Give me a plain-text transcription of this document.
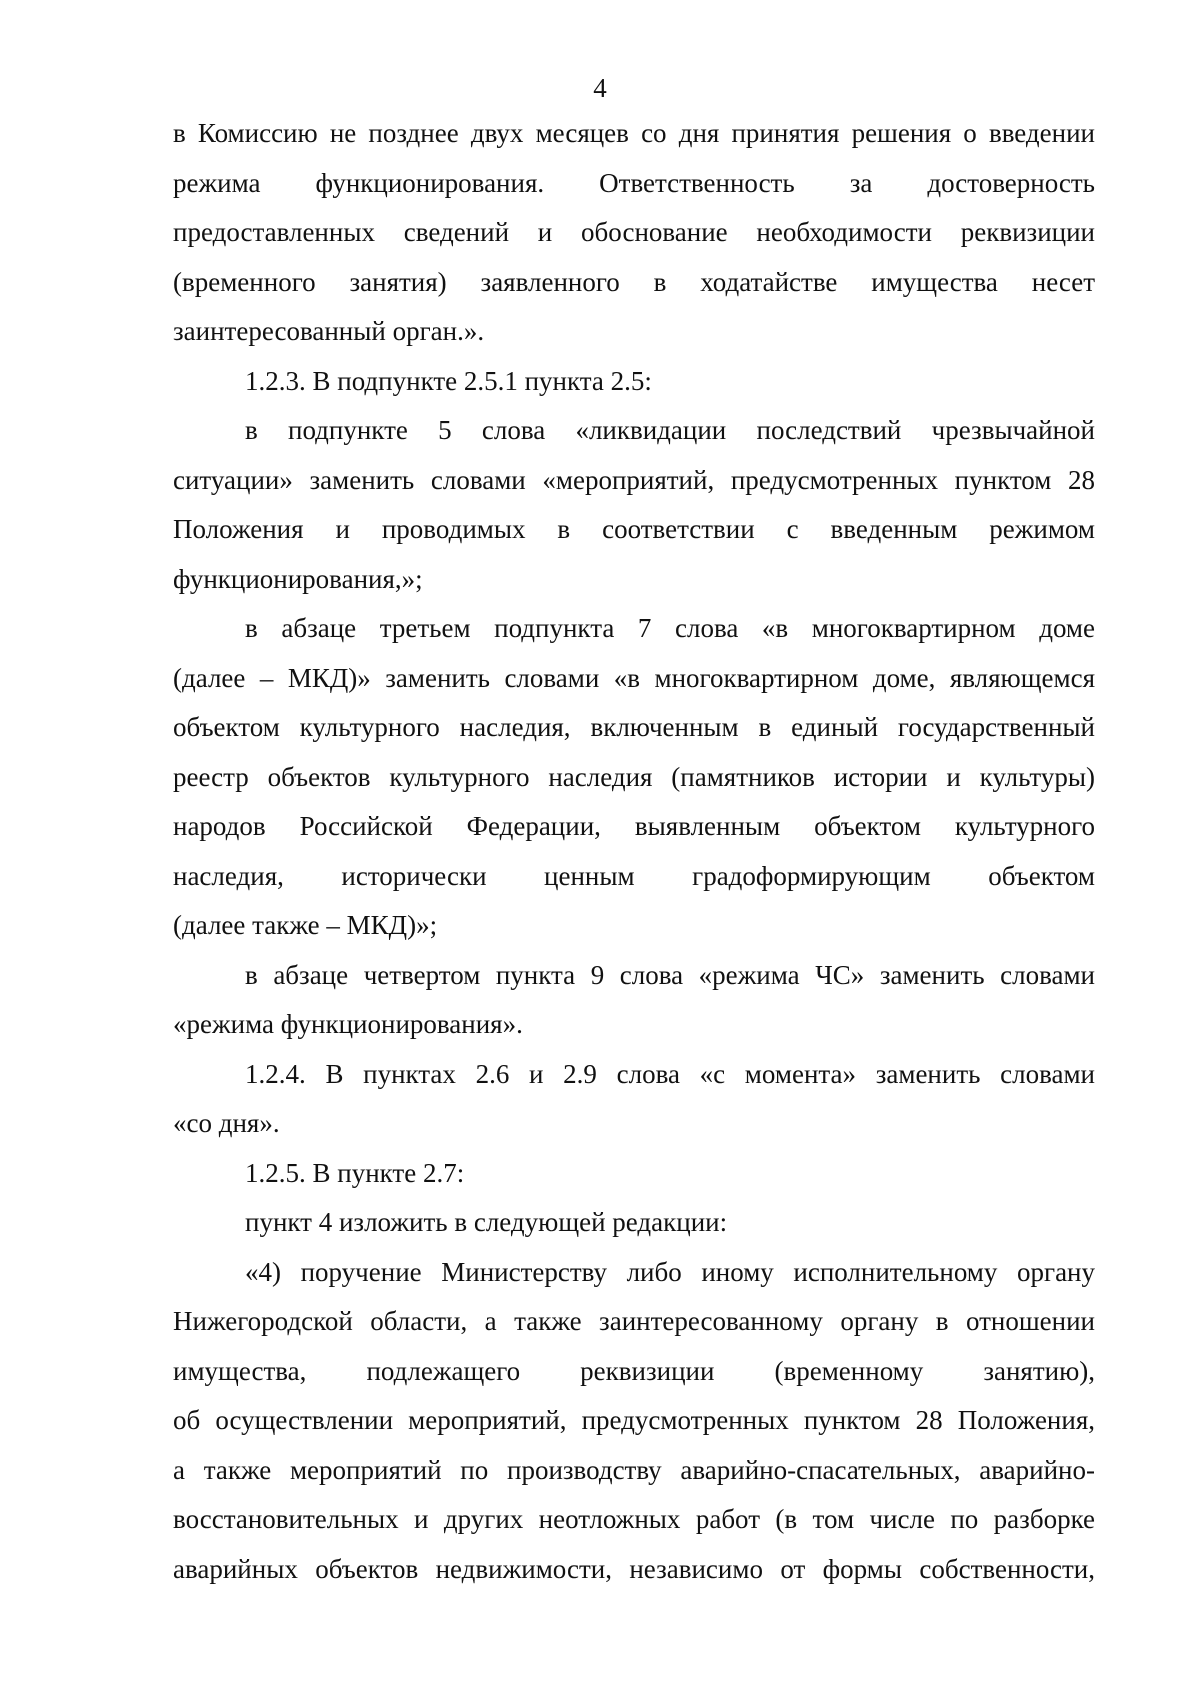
4
в Комиссию не позднее двух месяцев со дня принятия решения о введении
режима функционирования. Ответственность за достоверность
предоставленных сведений и обоснование необходимости реквизиции
(временного занятия) заявленного в ходатайстве имущества несет
заинтересованный орган.».
1.2.3. В подпункте 2.5.1 пункта 2.5:
в подпункте 5 слова «ликвидации последствий чрезвычайной
ситуации» заменить словами «мероприятий, предусмотренных пунктом 28
Положения и проводимых в соответствии с введенным режимом
функционирования,»;
в абзаце третьем подпункта 7 слова «в многоквартирном доме
(далее – МКД)» заменить словами «в многоквартирном доме, являющемся
объектом культурного наследия, включенным в единый государственный
реестр объектов культурного наследия (памятников истории и культуры)
народов Российской Федерации, выявленным объектом культурного
наследия, исторически ценным градоформирующим объектом
(далее также – МКД)»;
в абзаце четвертом пункта 9 слова «режима ЧС» заменить словами
«режима функционирования».
1.2.4. В пунктах 2.6 и 2.9 слова «с момента» заменить словами
«со дня».
1.2.5. В пункте 2.7:
пункт 4 изложить в следующей редакции:
«4) поручение Министерству либо иному исполнительному органу
Нижегородской области, а также заинтересованному органу в отношении
имущества, подлежащего реквизиции (временному занятию),
об осуществлении мероприятий, предусмотренных пунктом 28 Положения,
а также мероприятий по производству аварийно-спасательных, аварийно-
восстановительных и других неотложных работ (в том числе по разборке
аварийных объектов недвижимости, независимо от формы собственности,
